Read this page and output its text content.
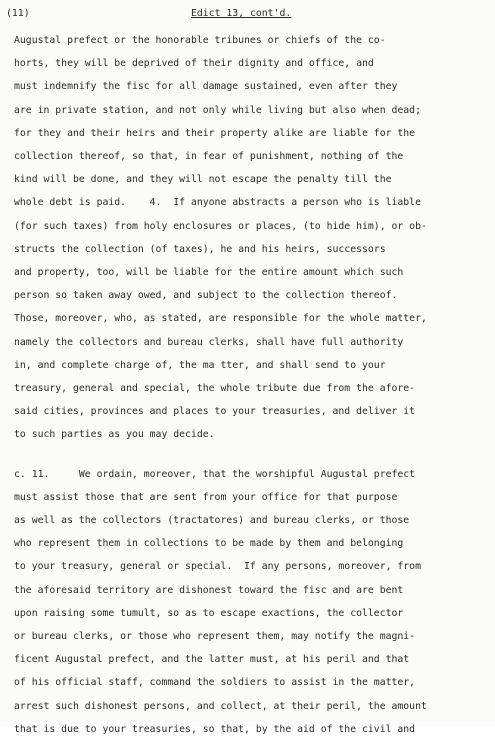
(11)	Edict 13, cont'd.
Augustal prefect or the honorable tribunes or chiefs of the co-
horts, they will be deprived of their dignity and office, and
must indemnify the fisc for all damage sustained, even after they
are in private station, and not only while living but also when dead;
for they and their heirs and their property alike are liable for the
collection thereof, so that, in fear of punishment, nothing of the
kind will be done, and they will not escape the penalty till the
whole debt is paid.    4.  If anyone abstracts a person who is liable
(for such taxes) from holy enclosures or places, (to hide him), or ob-
structs the collection (of taxes), he and his heirs, successors
and property, too, will be liable for the entire amount which such
person so taken away owed, and subject to the collection thereof.
Those, moreover, who, as stated, are responsible for the whole matter,
namely the collectors and bureau clerks, shall have full authority
in, and complete charge of, the ma tter, and shall send to your
treasury, general and special, the whole tribute due from the afore-
said cities, provinces and places to your treasuries, and deliver it
to such parties as you may decide.
c. 11.     We ordain, moreover, that the worshipful Augustal prefect
must assist those that are sent from your office for that purpose
as well as the collectors (tractatores) and bureau clerks, or those
who represent them in collections to be made by them and belonging
to your treasury, general or special.  If any persons, moreover, from
the aforesaid territory are dishonest toward the fisc and are bent
upon raising some tumult, so as to escape exactions, the collector
or bureau clerks, or those who represent them, may notify the magni-
ficent Augustal prefect, and the latter must, at his peril and that
of his official staff, command the soldiers to assist in the matter,
arrest such dishonest persons, and collect, at their peril, the amount
that is due to your treasuries, so that, by the aid of the civil and
